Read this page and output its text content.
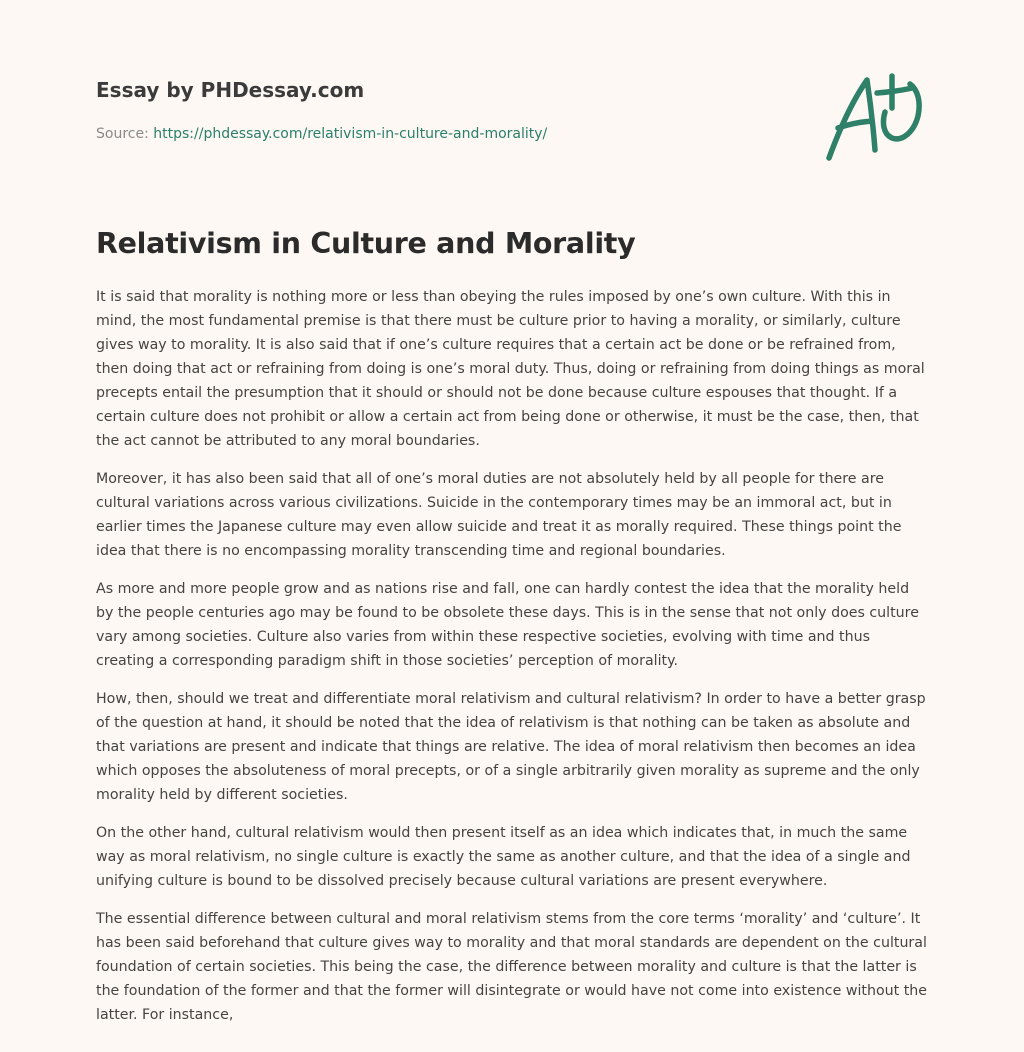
Essay by PHDessay.com
Source: https://phdessay.com/relativism-in-culture-and-morality/
Relativism in Culture and Morality

It is said that morality is nothing more or less than obeying the rules imposed by one’s own culture. With this in mind, the most fundamental premise is that there must be culture prior to having a morality, or similarly, culture gives way to morality. It is also said that if one’s culture requires that a certain act be done or be refrained from, then doing that act or refraining from doing is one’s moral duty. Thus, doing or refraining from doing things as moral precepts entail the presumption that it should or should not be done because culture espouses that thought. If a certain culture does not prohibit or allow a certain act from being done or otherwise, it must be the case, then, that the act cannot be attributed to any moral boundaries.

Moreover, it has also been said that all of one’s moral duties are not absolutely held by all people for there are cultural variations across various civilizations. Suicide in the contemporary times may be an immoral act, but in earlier times the Japanese culture may even allow suicide and treat it as morally required. These things point the idea that there is no encompassing morality transcending time and regional boundaries.

As more and more people grow and as nations rise and fall, one can hardly contest the idea that the morality held by the people centuries ago may be found to be obsolete these days. This is in the sense that not only does culture vary among societies. Culture also varies from within these respective societies, evolving with time and thus creating a corresponding paradigm shift in those societies’ perception of morality.

How, then, should we treat and differentiate moral relativism and cultural relativism? In order to have a better grasp of the question at hand, it should be noted that the idea of relativism is that nothing can be taken as absolute and that variations are present and indicate that things are relative. The idea of moral relativism then becomes an idea which opposes the absoluteness of moral precepts, or of a single arbitrarily given morality as supreme and the only morality held by different societies.

On the other hand, cultural relativism would then present itself as an idea which indicates that, in much the same way as moral relativism, no single culture is exactly the same as another culture, and that the idea of a single and unifying culture is bound to be dissolved precisely because cultural variations are present everywhere.

The essential difference between cultural and moral relativism stems from the core terms ‘morality’ and ‘culture’. It has been said beforehand that culture gives way to morality and that moral standards are dependent on the cultural foundation of certain societies. This being the case, the difference between morality and culture is that the latter is the foundation of the former and that the former will disintegrate or would have not come into existence without the latter. For instance,
